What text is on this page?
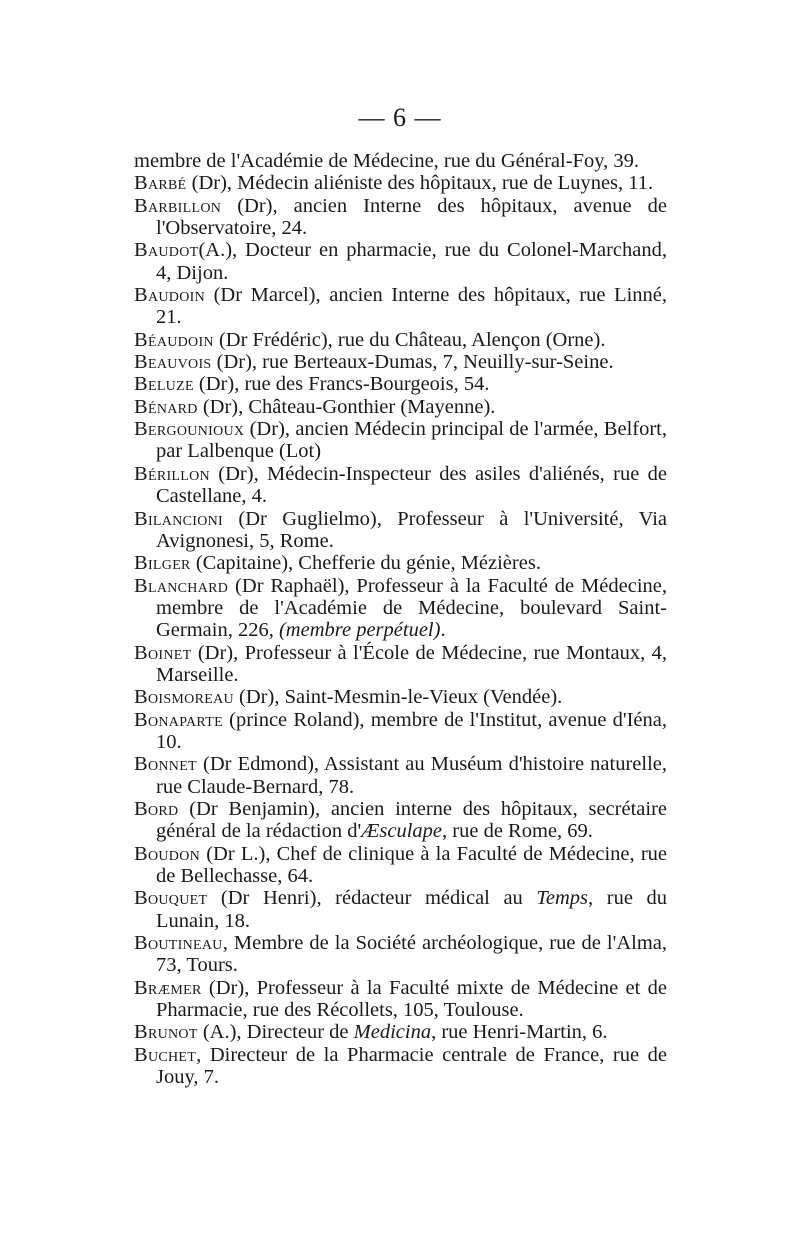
— 6 —

membre de l'Académie de Médecine, rue du Général-Foy, 39.

Barbé (Dr), Médecin aliéniste des hôpitaux, rue de Luynes, 11.

Barbillon (Dr), ancien Interne des hôpitaux, avenue de l'Observatoire, 24.

Baudot(A.), Docteur en pharmacie, rue du Colonel-Marchand, 4, Dijon.

Baudoin (Dr Marcel), ancien Interne des hôpitaux, rue Linné, 21.

Béaudoin (Dr Frédéric), rue du Château, Alençon (Orne).

Beauvois (Dr), rue Berteaux-Dumas, 7, Neuilly-sur-Seine.

Beluze (Dr), rue des Francs-Bourgeois, 54.

Bénard (Dr), Château-Gonthier (Mayenne).

Bergounioux (Dr), ancien Médecin principal de l'armée, Belfort, par Lalbenque (Lot)

Bérillon (Dr), Médecin-Inspecteur des asiles d'aliénés, rue de Castellane, 4.

Bilancioni (Dr Guglielmo), Professeur à l'Université, Via Avignonesi, 5, Rome.

Bilger (Capitaine), Chefferie du génie, Mézières.

Blanchard (Dr Raphaël), Professeur à la Faculté de Médecine, membre de l'Académie de Médecine, boulevard Saint-Germain, 226, (membre perpétuel).

Boinet (Dr), Professeur à l'École de Médecine, rue Montaux, 4, Marseille.

Boismoreau (Dr), Saint-Mesmin-le-Vieux (Vendée).

Bonaparte (prince Roland), membre de l'Institut, avenue d'Iéna, 10.

Bonnet (Dr Edmond), Assistant au Muséum d'histoire naturelle, rue Claude-Bernard, 78.

Bord (Dr Benjamin), ancien interne des hôpitaux, secrétaire général de la rédaction d'Æsculape, rue de Rome, 69.

Boudon (Dr L.), Chef de clinique à la Faculté de Médecine, rue de Bellechasse, 64.

Bouquet (Dr Henri), rédacteur médical au Temps, rue du Lunain, 18.

Boutineau, Membre de la Société archéologique, rue de l'Alma, 73, Tours.

Bræmer (Dr), Professeur à la Faculté mixte de Médecine et de Pharmacie, rue des Récollets, 105, Toulouse.

Brunot (A.), Directeur de Medicina, rue Henri-Martin, 6.

Buchet, Directeur de la Pharmacie centrale de France, rue de Jouy, 7.
